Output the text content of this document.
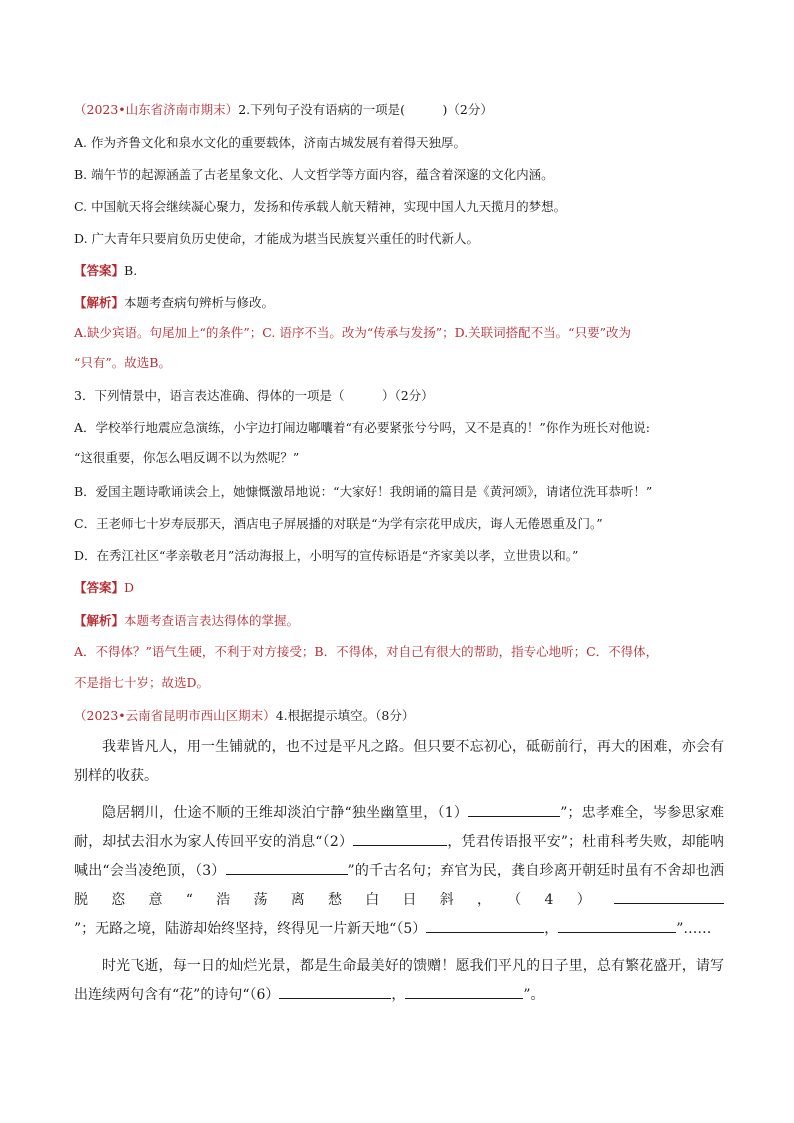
（2023•山东省济南市期末）2.下列句子没有语病的一项是(　　　)（2分）
A. 作为齐鲁文化和泉水文化的重要载体，济南古城发展有着得天独厚。
B. 端午节的起源涵盖了古老星象文化、人文哲学等方面内容，蕴含着深邃的文化内涵。
C. 中国航天将会继续凝心聚力，发扬和传承载人航天精神，实现中国人九天揽月的梦想。
D. 广大青年只要肩负历史使命，才能成为堪当民族复兴重任的时代新人。
【答案】B.
【解析】本题考查病句辨析与修改。
A.缺少宾语。句尾加上“的条件”；C. 语序不当。改为“传承与发扬”；D.关联词搭配不当。“只要”改为
“只有”。故选B。
3．下列情景中，语言表达准确、得体的一项是（　　　）（2分）
A．学校举行地震应急演练，小宇边打闹边嘟囔着“有必要紧张兮兮吗，又不是真的！”你作为班长对他说:
“这很重要，你怎么唱反调不以为然呢？”
B．爱国主题诗歌诵读会上，她慷慨激昂地说：“大家好！我朗诵的篇目是《黄河颂》，请诸位洗耳恭听！”
C．王老师七十岁寿辰那天，酒店电子屏展播的对联是“为学有宗花甲成庆，诲人无倦恩重及门。”
D．在秀江社区“孝亲敬老月”活动海报上，小明写的宣传标语是“齐家美以孝，立世贵以和。”
【答案】D
【解析】本题考查语言表达得体的掌握。
A．不得体？”语气生硬，不利于对方接受；B．不得体，对自己有很大的帮助，指专心地听；C．不得体，
不是指七十岁；故选D。
（2023•云南省昆明市西山区期末）4.根据提示填空。（8分）

我辈皆凡人，用一生铺就的，也不过是平凡之路。但只要不忘初心，砥砺前行，再大的困难，亦会有别样的收获。

隐居辋川，仕途不顺的王维却淡泊宁静“独坐幽篁里，（1）	”；忠孝难全，岑参思家难耐，却拭去泪水为家人传回平安的消息“（2）	，凭君传语报平安”；杜甫科考失败，却能呐喊出“会当凌绝顶，（3）	”的千古名句；弃官为民，龚自珍离开朝廷时虽有不舍却也洒脱恣意“浩荡离愁白日斜，（4）”；无路之境，陆游却始终坚持，终得见一片新天地“（5）	，	”……

时光飞逝，每一日的灿烂光景，都是生命最美好的馈赠！愿我们平凡的日子里，总有繁花盛开，请写出连续两句含有“花”的诗句“（6）	，	”。
